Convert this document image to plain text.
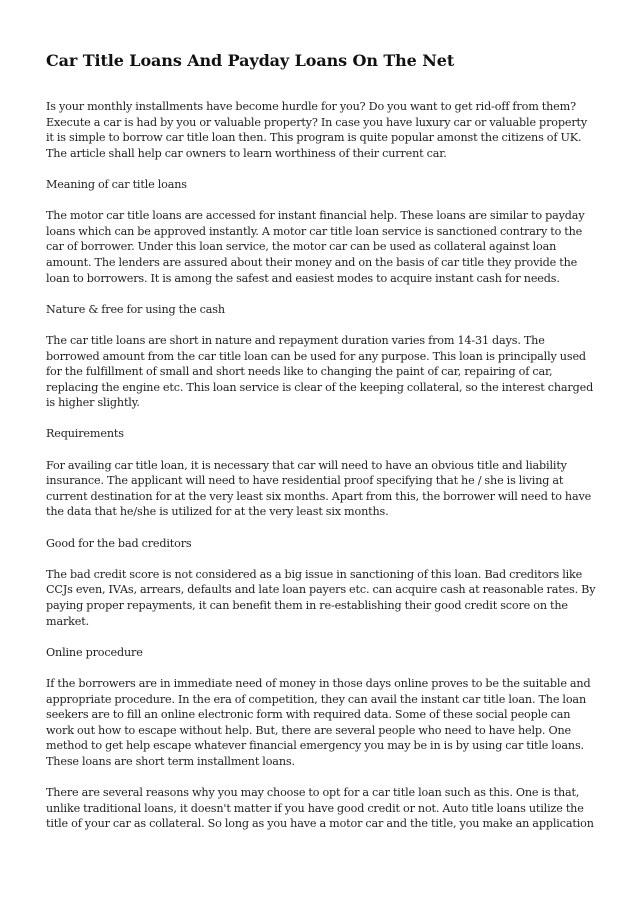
Car Title Loans And Payday Loans On The Net
Is your monthly installments have become hurdle for you? Do you want to get rid-off from them? Execute a car is had by you or valuable property? In case you have luxury car or valuable property it is simple to borrow car title loan then. This program is quite popular amonst the citizens of UK. The article shall help car owners to learn worthiness of their current car.
Meaning of car title loans
The motor car title loans are accessed for instant financial help. These loans are similar to payday loans which can be approved instantly. A motor car title loan service is sanctioned contrary to the car of borrower. Under this loan service, the motor car can be used as collateral against loan amount. The lenders are assured about their money and on the basis of car title they provide the loan to borrowers. It is among the safest and easiest modes to acquire instant cash for needs.
Nature & free for using the cash
The car title loans are short in nature and repayment duration varies from 14-31 days. The borrowed amount from the car title loan can be used for any purpose. This loan is principally used for the fulfillment of small and short needs like to changing the paint of car, repairing of car, replacing the engine etc. This loan service is clear of the keeping collateral, so the interest charged is higher slightly.
Requirements
For availing car title loan, it is necessary that car will need to have an obvious title and liability insurance. The applicant will need to have residential proof specifying that he / she is living at current destination for at the very least six months. Apart from this, the borrower will need to have the data that he/she is utilized for at the very least six months.
Good for the bad creditors
The bad credit score is not considered as a big issue in sanctioning of this loan. Bad creditors like CCJs even, IVAs, arrears, defaults and late loan payers etc. can acquire cash at reasonable rates. By paying proper repayments, it can benefit them in re-establishing their good credit score on the market.
Online procedure
If the borrowers are in immediate need of money in those days online proves to be the suitable and appropriate procedure. In the era of competition, they can avail the instant car title loan. The loan seekers are to fill an online electronic form with required data. Some of these social people can work out how to escape without help. But, there are several people who need to have help. One method to get help escape whatever financial emergency you may be in is by using car title loans. These loans are short term installment loans.
There are several reasons why you may choose to opt for a car title loan such as this. One is that, unlike traditional loans, it doesn't matter if you have good credit or not. Auto title loans utilize the title of your car as collateral. So long as you have a motor car and the title, you make an application
